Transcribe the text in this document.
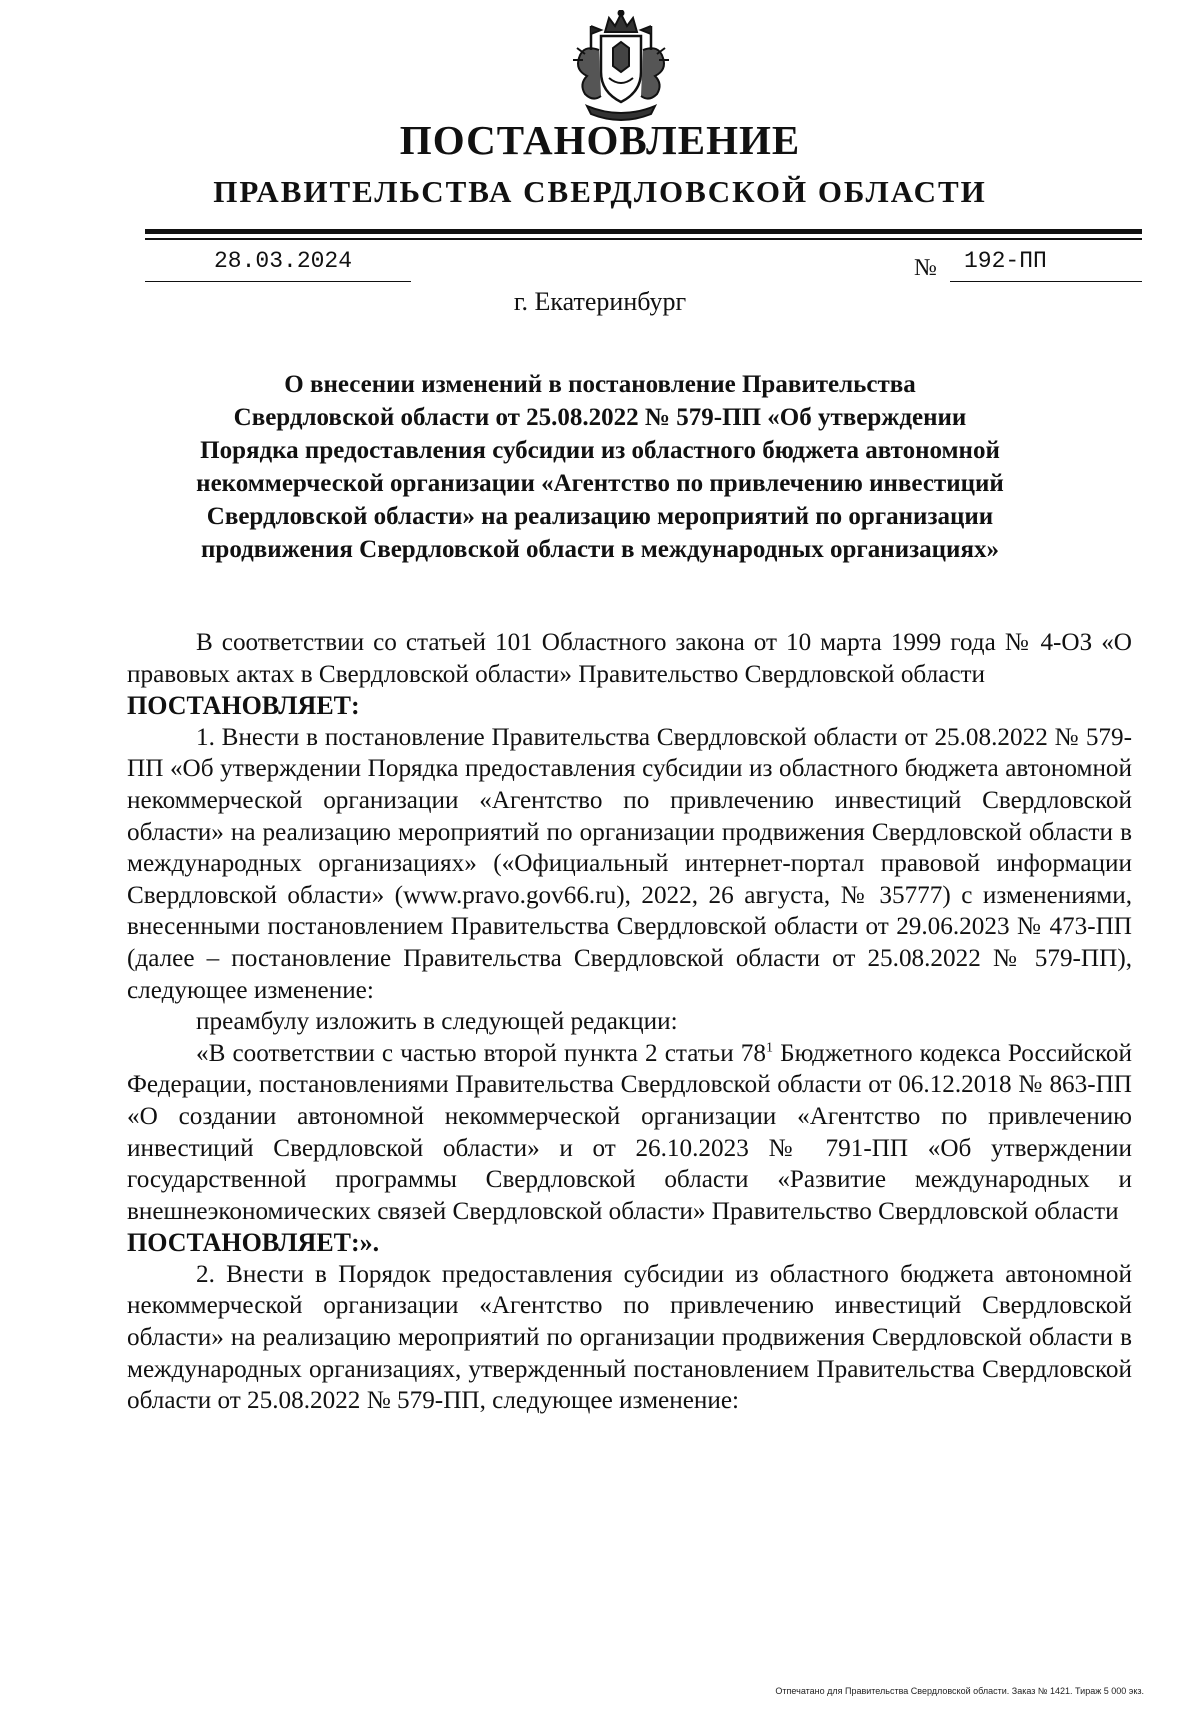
ПОСТАНОВЛЕНИЕ
ПРАВИТЕЛЬСТВА СВЕРДЛОВСКОЙ ОБЛАСТИ
28.03.2024	№ 192-ПП
г. Екатеринбург
О внесении изменений в постановление Правительства
Свердловской области от 25.08.2022 № 579-ПП «Об утверждении
Порядка предоставления субсидии из областного бюджета автономной
некоммерческой организации «Агентство по привлечению инвестиций
Свердловской области» на реализацию мероприятий по организации
продвижения Свердловской области в международных организациях»

В соответствии со статьей 101 Областного закона от 10 марта 1999 года № 4-ОЗ «О правовых актах в Свердловской области» Правительство Свердловской области

ПОСТАНОВЛЯЕТ:

1. Внести в постановление Правительства Свердловской области от 25.08.2022 № 579-ПП «Об утверждении Порядка предоставления субсидии из областного бюджета автономной некоммерческой организации «Агентство по привлечению инвестиций Свердловской области» на реализацию мероприятий по организации продвижения Свердловской области в международных организациях» («Официальный интернет-портал правовой информации Свердловской области» (www.pravo.gov66.ru), 2022, 26 августа, № 35777) с изменениями, внесенными постановлением Правительства Свердловской области от 29.06.2023 № 473-ПП (далее – постановление Правительства Свердловской области от 25.08.2022 № 579-ПП), следующее изменение:

преамбулу изложить в следующей редакции:

«В соответствии с частью второй пункта 2 статьи $78^1$ Бюджетного кодекса Российской Федерации, постановлениями Правительства Свердловской области от 06.12.2018 № 863-ПП «О создании автономной некоммерческой организации «Агентство по привлечению инвестиций Свердловской области» и от 26.10.2023 № 791-ПП «Об утверждении государственной программы Свердловской области «Развитие международных и внешнеэкономических связей Свердловской области» Правительство Свердловской области

ПОСТАНОВЛЯЕТ:».

2. Внести в Порядок предоставления субсидии из областного бюджета автономной некоммерческой организации «Агентство по привлечению инвестиций Свердловской области» на реализацию мероприятий по организации продвижения Свердловской области в международных организациях, утвержденный постановлением Правительства Свердловской области от 25.08.2022 № 579-ПП, следующее изменение:

Отпечатано для Правительства Свердловской области. Заказ № 1421. Тираж 5 000 экз.
